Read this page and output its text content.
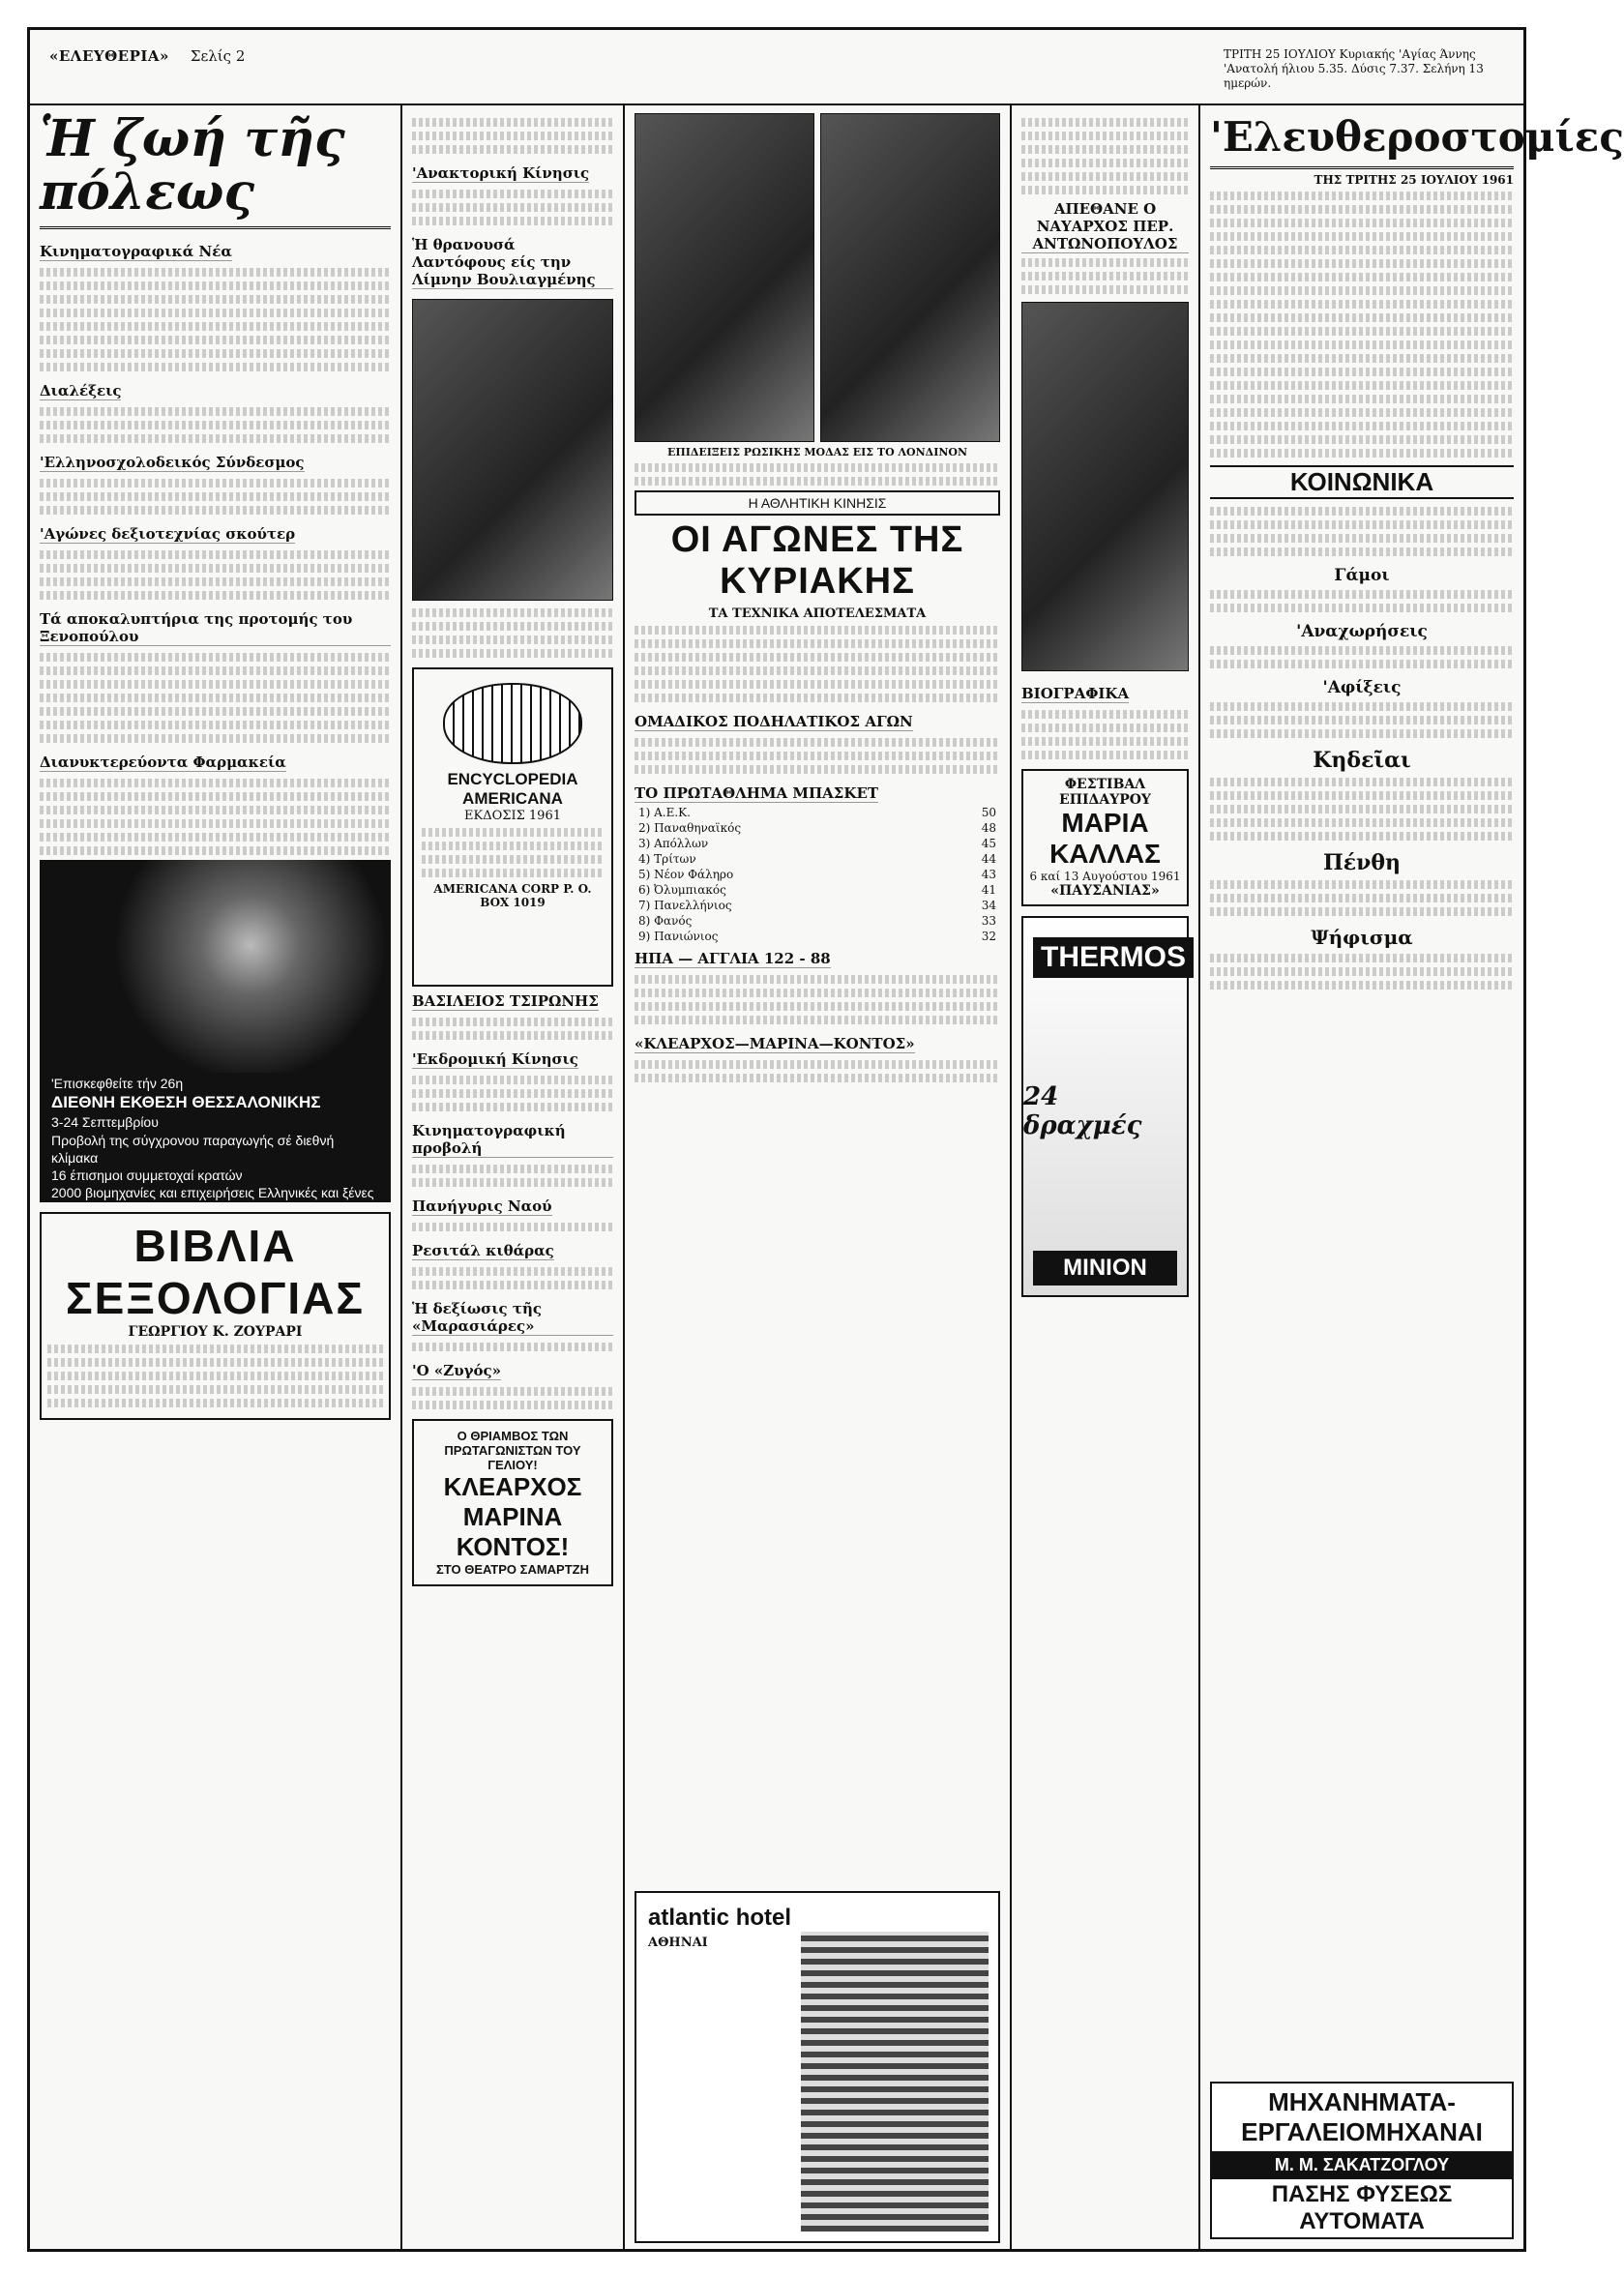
«ΕΛΕΥΘΕΡΙΑ» Σελίς 2	ΤΡΙΤΗ 25 ΙΟΥΛΙΟΥ Κυριακής 'Αγίας Άννης
'Ανατολή ήλιου 5.35. Δύσις 7.37. Σελήνη 13 ημερών.
Ἡ ζωή τῆς πόλεως
Κινηματογραφικά Νέα
Διαλέξεις
'Ελληνοσχολοδεικός Σύνδεσμος
'Αγώνες δεξιοτεχνίας σκούτερ
Τά αποκαλυπτήρια της προτομής του Ξενοπούλου
Διανυκτερεύοντα Φαρμακεία
'Επισκεφθείτε τήν 26η
ΔΙΕΘΝΗ ΕΚΘΕΣΗ ΘΕΣΣΑΛΟΝΙΚΗΣ
3-24 Σεπτεμβρίου
Προβολή της σύγχρονου παραγωγής σέ διεθνή κλίμακα
16 έπισημοι συμμετοχαί κρατών
2000 βιομηχανίες και επιχειρήσεις Ελληνικές και ξένες
ΒΙΒΛΙΑ ΣΕΞΟΛΟΓΙΑΣ
ΓΕΩΡΓΙΟΥ Κ. ΖΟΥΡΑΡΙ
'Ανακτορική Κίνησις
Ἡ θρανουσά Λαντόφους είς την Λίμνην Βουλιαγμένης
ENCYCLOPEDIA AMERICANA
ΕΚΔΟΣΙΣ 1961
AMERICANA CORP P. O. BOX 1019
ΒΑΣΙΛΕΙΟΣ ΤΣΙΡΩΝΗΣ
'Εκδρομική Κίνησις
Κινηματογραφική προβολή
Πανήγυρις Ναού
Ρεσιτάλ κιθάρας
Ἡ δεξίωσις τῆς «Μαρασιάρες»
'Ο «Ζυγός»
Ο ΘΡΙΑΜΒΟΣ ΤΩΝ ΠΡΩΤΑΓΩΝΙΣΤΩΝ ΤΟΥ ΓΕΛΙΟΥ!
ΚΛΕΑΡΧΟΣ
ΜΑΡΙΝΑ
ΚΟΝΤΟΣ!
ΣΤΟ ΘΕΑΤΡΟ ΣΑΜΑΡΤΖΗ
ΕΠΙΔΕΙΞΕΙΣ ΡΩΣΙΚΗΣ ΜΟΔΑΣ ΕΙΣ ΤΟ ΛΟΝΔΙΝΟΝ
Η ΑΘΛΗΤΙΚΗ ΚΙΝΗΣΙΣ
ΟΙ ΑΓΩΝΕΣ ΤΗΣ ΚΥΡΙΑΚΗΣ
ΤΑ ΤΕΧΝΙΚΑ ΑΠΟΤΕΛΕΣΜΑΤΑ
ΟΜΑΔΙΚΟΣ ΠΟΔΗΛΑΤΙΚΟΣ ΑΓΩΝ
ΤΟ ΠΡΩΤΑΘΛΗΜΑ ΜΠΑΣΚΕΤ
1) Α.Ε.Κ.	50
2) Παναθηναϊκός	48
3) Απόλλων	45
4) Τρίτων	44
5) Νέον Φάληρο	43
6) Ὀλυμπιακός	41
7) Πανελλήνιος	34
8) Φανός	33
9) Πανιώνιος	32
ΗΠΑ — ΑΓΓΛΙΑ 122 - 88
«ΚΛΕΑΡΧΟΣ—ΜΑΡΙΝΑ—ΚΟΝΤΟΣ»
atlantic hotel
ΑΘΗΝΑΙ
ΑΠΕΘΑΝΕ Ο ΝΑΥΑΡΧΟΣ ΠΕΡ. ΑΝΤΩΝΟΠΟΥΛΟΣ
ΒΙΟΓΡΑΦΙΚΑ
ΦΕΣΤΙΒΑΛ ΕΠΙΔΑΥΡΟΥ
ΜΑΡΙΑ ΚΑΛΛΑΣ
6 καί 13 Αυγούστου 1961
«ΠΑΥΣΑΝΙΑΣ»
THERMOS
24 δραχμές
ΜΙΝΙΟΝ
'Ελευθεροστομίες
ΤΗΣ ΤΡΙΤΗΣ 25 ΙΟΥΛΙΟΥ 1961
ΚΟΙΝΩΝΙΚΑ
Γάμοι
'Αναχωρήσεις
'Αφίξεις
Κηδεῖαι
Πένθη
Ψήφισμα
ΜΗΧΑΝΗΜΑΤΑ-ΕΡΓΑΛΕΙΟΜΗΧΑΝΑΙ
Μ. Μ. ΣΑΚΑΤΖΟΓΛΟΥ
ΠΑΣΗΣ ΦΥΣΕΩΣ ΑΥΤΟΜΑΤΑ
